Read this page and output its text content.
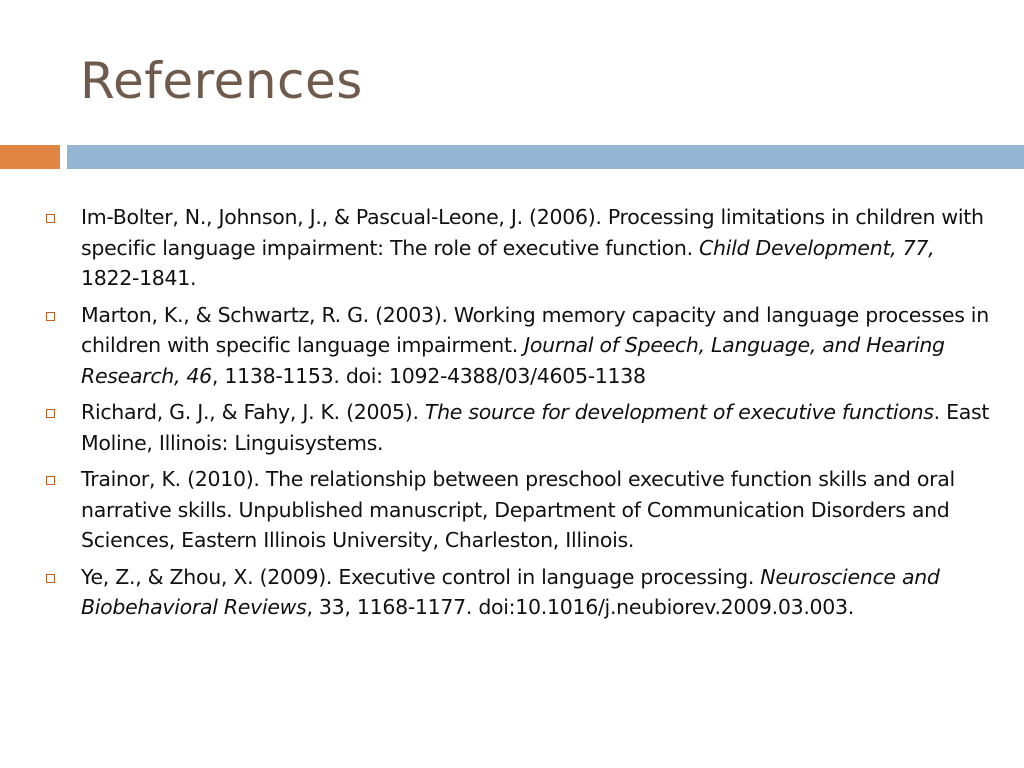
References
Im-Bolter, N., Johnson, J., & Pascual-Leone, J. (2006). Processing limitations in children with specific language impairment: The role of executive function. Child Development, 77, 1822-1841.
Marton, K., & Schwartz, R. G. (2003). Working memory capacity and language processes in children with specific language impairment. Journal of Speech, Language, and Hearing Research, 46, 1138-1153. doi: 1092-4388/03/4605-1138
Richard, G. J., & Fahy, J. K. (2005). The source for development of executive functions. East Moline, Illinois: Linguisystems.
Trainor, K. (2010). The relationship between preschool executive function skills and oral narrative skills. Unpublished manuscript, Department of Communication Disorders and Sciences, Eastern Illinois University, Charleston, Illinois.
Ye, Z., & Zhou, X. (2009). Executive control in language processing. Neuroscience and Biobehavioral Reviews, 33, 1168-1177. doi:10.1016/j.neubiorev.2009.03.003.
